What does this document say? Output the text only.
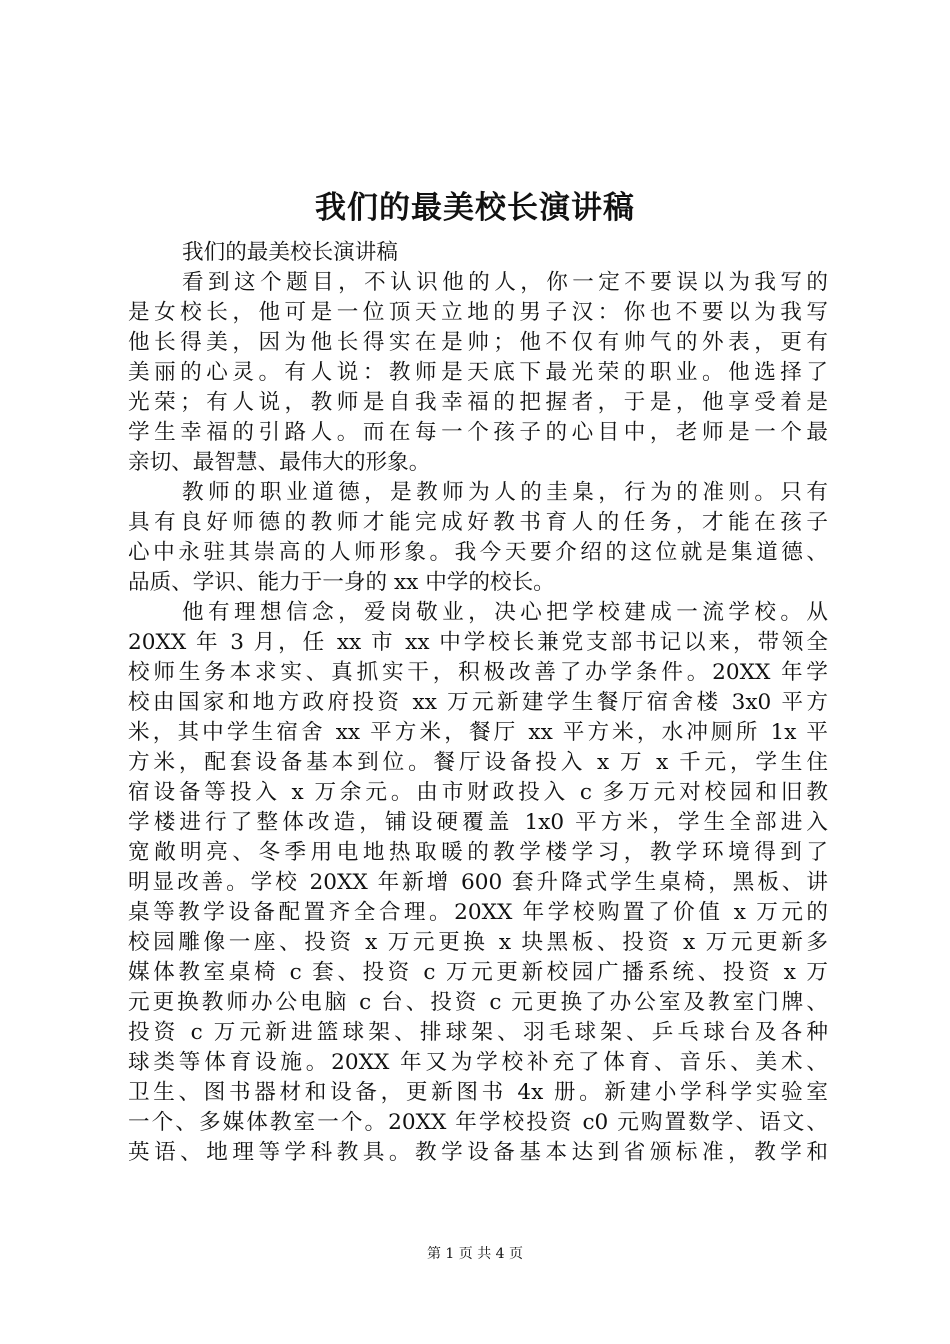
我们的最美校长演讲稿
我们的最美校长演讲稿
看到这个题目，不认识他的人，你一定不要误以为我写的
是女校长，他可是一位顶天立地的男子汉：你也不要以为我写
他长得美，因为他长得实在是帅；他不仅有帅气的外表，更有
美丽的心灵。有人说：教师是天底下最光荣的职业。他选择了
光荣；有人说，教师是自我幸福的把握者，于是，他享受着是
学生幸福的引路人。而在每一个孩子的心目中，老师是一个最
亲切、最智慧、最伟大的形象。
教师的职业道德，是教师为人的圭臬，行为的准则。只有
具有良好师德的教师才能完成好教书育人的任务，才能在孩子
心中永驻其崇高的人师形象。我今天要介绍的这位就是集道德、
品质、学识、能力于一身的 xx 中学的校长。
他有理想信念，爱岗敬业，决心把学校建成一流学校。从
20XX 年 3 月，任 xx 市 xx 中学校长兼党支部书记以来，带领全
校师生务本求实、真抓实干，积极改善了办学条件。20XX 年学
校由国家和地方政府投资 xx 万元新建学生餐厅宿舍楼 3x0 平方
米，其中学生宿舍 xx 平方米，餐厅 xx 平方米，水冲厕所 1x 平
方米，配套设备基本到位。餐厅设备投入 x 万 x 千元，学生住
宿设备等投入 x 万余元。由市财政投入 c 多万元对校园和旧教
学楼进行了整体改造，铺设硬覆盖 1x0 平方米，学生全部进入
宽敞明亮、冬季用电地热取暖的教学楼学习，教学环境得到了
明显改善。学校 20XX 年新增 600 套升降式学生桌椅，黑板、讲
桌等教学设备配置齐全合理。20XX 年学校购置了价值 x 万元的
校园雕像一座、投资 x 万元更换 x 块黑板、投资 x 万元更新多
媒体教室桌椅 c 套、投资 c 万元更新校园广播系统、投资 x 万
元更换教师办公电脑 c 台、投资 c 元更换了办公室及教室门牌、
投资 c 万元新进篮球架、排球架、羽毛球架、乒乓球台及各种
球类等体育设施。20XX 年又为学校补充了体育、音乐、美术、
卫生、图书器材和设备，更新图书 4x 册。新建小学科学实验室
一个、多媒体教室一个。20XX 年学校投资 c0 元购置数学、语文、
英语、地理等学科教具。教学设备基本达到省颁标准，教学和
第 1 页 共 4 页
